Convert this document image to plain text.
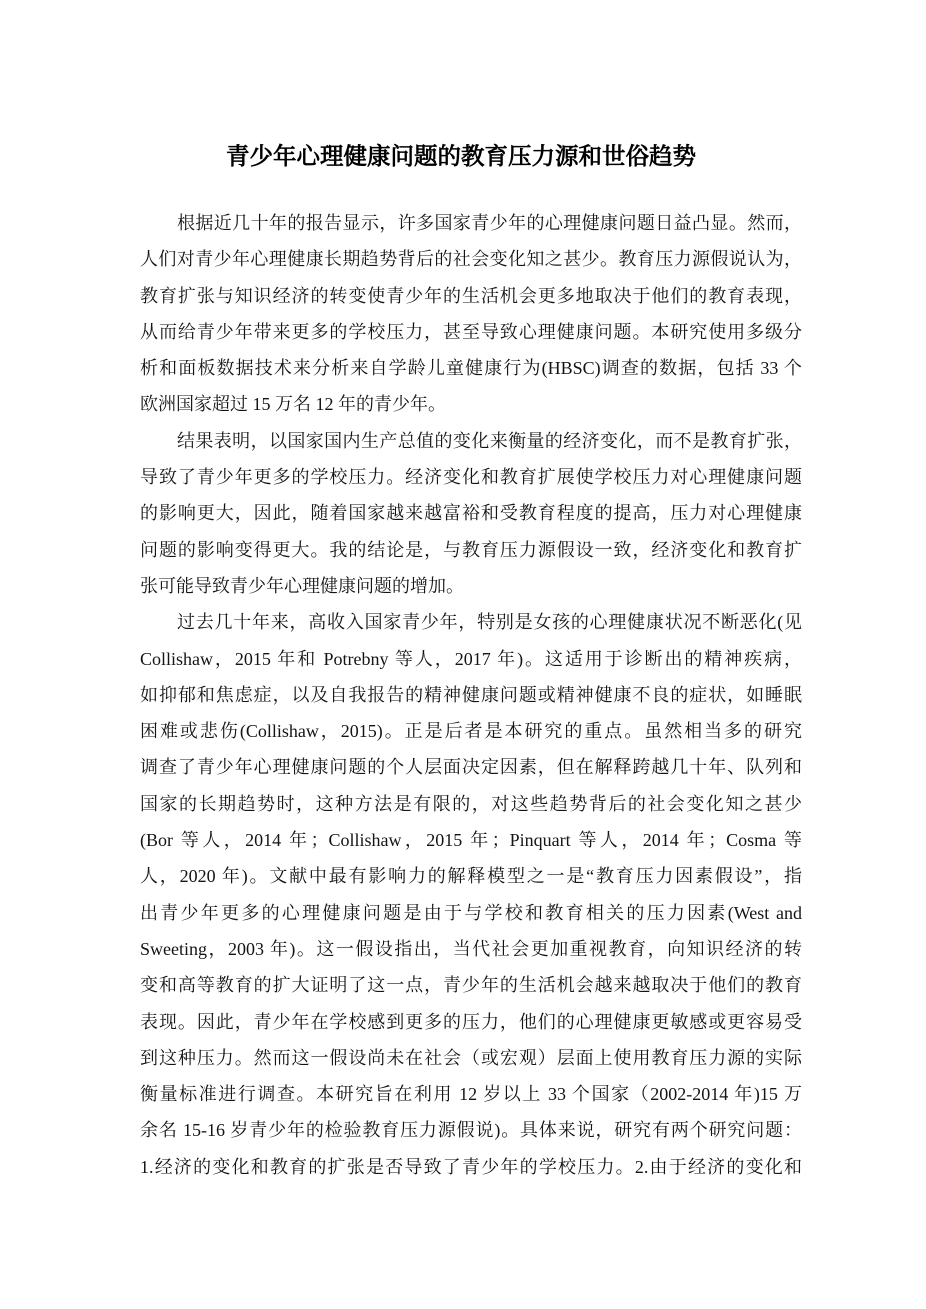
青少年心理健康问题的教育压力源和世俗趋势
根据近几十年的报告显示，许多国家青少年的心理健康问题日益凸显。然而，
人们对青少年心理健康长期趋势背后的社会变化知之甚少。教育压力源假说认为，
教育扩张与知识经济的转变使青少年的生活机会更多地取决于他们的教育表现，
从而给青少年带来更多的学校压力，甚至导致心理健康问题。本研究使用多级分
析和面板数据技术来分析来自学龄儿童健康行为(HBSC)调查的数据，包括 33 个
欧洲国家超过 15 万名 12 年的青少年。
结果表明，以国家国内生产总值的变化来衡量的经济变化，而不是教育扩张，
导致了青少年更多的学校压力。经济变化和教育扩展使学校压力对心理健康问题
的影响更大，因此，随着国家越来越富裕和受教育程度的提高，压力对心理健康
问题的影响变得更大。我的结论是，与教育压力源假设一致，经济变化和教育扩
张可能导致青少年心理健康问题的增加。
过去几十年来，高收入国家青少年，特别是女孩的心理健康状况不断恶化(见
Collishaw，2015 年和 Potrebny 等人，2017 年)。这适用于诊断出的精神疾病，
如抑郁和焦虑症，以及自我报告的精神健康问题或精神健康不良的症状，如睡眠
困难或悲伤(Collishaw，2015)。正是后者是本研究的重点。虽然相当多的研究
调查了青少年心理健康问题的个人层面决定因素，但在解释跨越几十年、队列和
国家的长期趋势时，这种方法是有限的，对这些趋势背后的社会变化知之甚少
(Bor 等人，2014 年；Collishaw，2015 年；Pinquart 等人，2014 年；Cosma 等
人，2020 年)。文献中最有影响力的解释模型之一是“教育压力因素假设”，指
出青少年更多的心理健康问题是由于与学校和教育相关的压力因素(West and
Sweeting，2003 年)。这一假设指出，当代社会更加重视教育，向知识经济的转
变和高等教育的扩大证明了这一点，青少年的生活机会越来越取决于他们的教育
表现。因此，青少年在学校感到更多的压力，他们的心理健康更敏感或更容易受
到这种压力。然而这一假设尚未在社会（或宏观）层面上使用教育压力源的实际
衡量标准进行调查。本研究旨在利用 12 岁以上 33 个国家（2002-2014 年)15 万
余名 15-16 岁青少年的检验教育压力源假说)。具体来说，研究有两个研究问题：
1.经济的变化和教育的扩张是否导致了青少年的学校压力。2.由于经济的变化和
